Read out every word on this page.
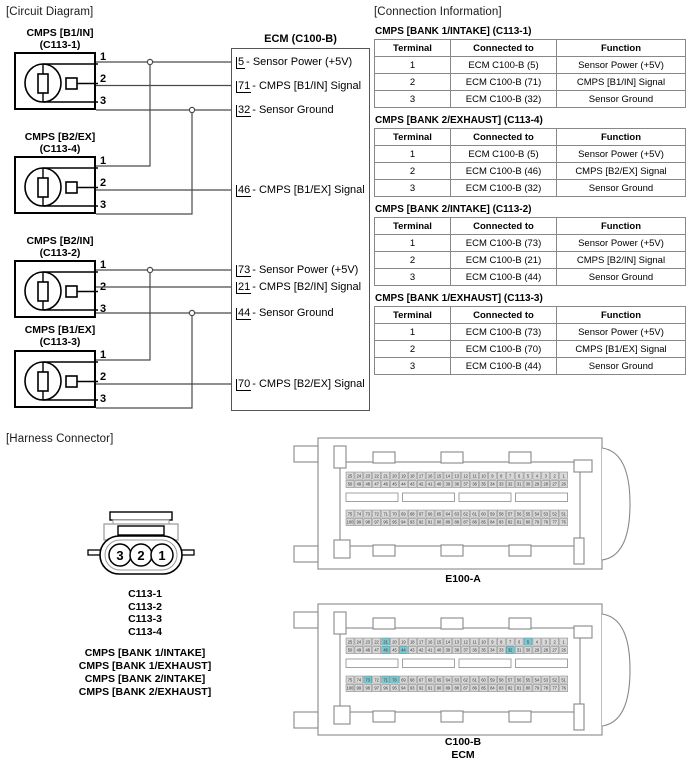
[Circuit Diagram]	[Connection Information]
[Harness Connector]
CMPS [B1/IN]
(C113-1)
1
2
3
CMPS [B2/EX]
(C113-4)
1
2
3
CMPS [B2/IN]
(C113-2)
1
2
3
CMPS [B1/EX]
(C113-3)
1
2
3
ECM (C100-B)
5 - Sensor Power (+5V)
71 - CMPS [B1/IN] Signal
32 - Sensor Ground
46 - CMPS [B1/EX] Signal
73 - Sensor Power (+5V)
21 - CMPS [B2/IN] Signal
44 - Sensor Ground
70 - CMPS [B2/EX] Signal
CMPS [BANK 1/INTAKE] (C113-1)
Terminal	Connected to	Function
1	ECM C100-B (5)	Sensor Power (+5V)
2	ECM C100-B (71)	CMPS [B1/IN] Signal
3	ECM C100-B (32)	Sensor Ground
CMPS [BANK 2/EXHAUST] (C113-4)
Terminal	Connected to	Function
1	ECM C100-B (5)	Sensor Power (+5V)
2	ECM C100-B (46)	CMPS [B2/EX] Signal
3	ECM C100-B (32)	Sensor Ground
CMPS [BANK 2/INTAKE] (C113-2)
Terminal	Connected to	Function
1	ECM C100-B (73)	Sensor Power (+5V)
2	ECM C100-B (21)	CMPS [B2/IN] Signal
3	ECM C100-B (44)	Sensor Ground
CMPS [BANK 1/EXHAUST] (C113-3)
Terminal	Connected to	Function
1	ECM C100-B (73)	Sensor Power (+5V)
2	ECM C100-B (70)	CMPS [B1/EX] Signal
3	ECM C100-B (44)	Sensor Ground
3 2 1
C113-1
C113-2
C113-3
C113-4
CMPS [BANK 1/INTAKE]
CMPS [BANK 1/EXHAUST]
CMPS [BANK 2/INTAKE]
CMPS [BANK 2/EXHAUST]
25 24 23 22 21 20 19 18 17 16 15 14 13 12 11 10 9 8 7 6 5 4 3 2 1
50 49 48 47 46 45 44 43 42 41 40 39 38 37 36 35 34 33 32 31 30 29 28 27 26
75 74 73 72 71 70 69 68 67 66 65 64 63 62 61 60 59 58 57 56 55 54 53 52 51
100 99 98 97 96 95 94 93 92 91 90 89 88 87 86 85 84 83 82 81 80 79 78 77 76
E100-A
25 24 23 22 21 20 19 18 17 16 15 14 13 12 11 10 9 8 7 6 5 4 3 2 1
50 49 48 47 46 45 44 43 42 41 40 39 38 37 36 35 34 33 32 31 30 29 28 27 26
75 74 73 72 71 70 69 68 67 66 65 64 63 62 61 60 59 58 57 56 55 54 53 52 51
100 99 98 97 96 95 94 93 92 91 90 89 88 87 86 85 84 83 82 81 80 79 78 77 76
C100-B
ECM
